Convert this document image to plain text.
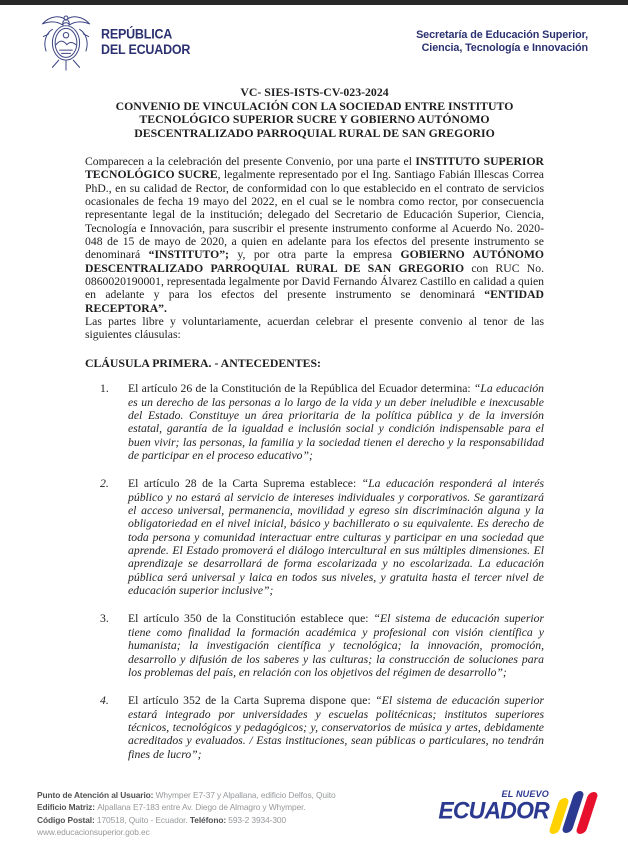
REPÚBLICA
DEL ECUADOR
Secretaría de Educación Superior,
Ciencia, Tecnología e Innovación
VC- SIES-ISTS-CV-023-2024
CONVENIO DE VINCULACIÓN CON LA SOCIEDAD ENTRE INSTITUTO TECNOLÓGICO SUPERIOR SUCRE Y GOBIERNO AUTÓNOMO DESCENTRALIZADO PARROQUIAL RURAL DE SAN GREGORIO

Comparecen a la celebración del presente Convenio, por una parte el INSTITUTO SUPERIOR TECNOLÓGICO SUCRE, legalmente representado por el Ing. Santiago Fabián Illescas Correa PhD., en su calidad de Rector, de conformidad con lo que establecido en el contrato de servicios ocasionales de fecha 19 mayo del 2022, en el cual se le nombra como rector, por consecuencia representante legal de la institución; delegado del Secretario de Educación Superior, Ciencia, Tecnología e Innovación, para suscribir el presente instrumento conforme al Acuerdo No. 2020-048 de 15 de mayo de 2020, a quien en adelante para los efectos del presente instrumento se denominará “INSTITUTO”; y, por otra parte la empresa GOBIERNO AUTÓNOMO DESCENTRALIZADO PARROQUIAL RURAL DE SAN GREGORIO con RUC No. 0860020190001, representada legalmente por David Fernando Álvarez Castillo en calidad a quien en adelante y para los efectos del presente instrumento se denominará “ENTIDAD RECEPTORA”.

Las partes libre y voluntariamente, acuerdan celebrar el presente convenio al tenor de las siguientes cláusulas:

CLÁUSULA PRIMERA. - ANTECEDENTES:
1. El artículo 26 de la Constitución de la República del Ecuador determina: “La educación es un derecho de las personas a lo largo de la vida y un deber ineludible e inexcusable del Estado. Constituye un área prioritaria de la política pública y de la inversión estatal, garantía de la igualdad e inclusión social y condición indispensable para el buen vivir; las personas, la familia y la sociedad tienen el derecho y la responsabilidad de participar en el proceso educativo”;
2. El artículo 28 de la Carta Suprema establece: “La educación responderá al interés público y no estará al servicio de intereses individuales y corporativos. Se garantizará el acceso universal, permanencia, movilidad y egreso sin discriminación alguna y la obligatoriedad en el nivel inicial, básico y bachillerato o su equivalente. Es derecho de toda persona y comunidad interactuar entre culturas y participar en una sociedad que aprende. El Estado promoverá el diálogo intercultural en sus múltiples dimensiones. El aprendizaje se desarrollará de forma escolarizada y no escolarizada. La educación pública será universal y laica en todos sus niveles, y gratuita hasta el tercer nivel de educación superior inclusive”;
3. El artículo 350 de la Constitución establece que: “El sistema de educación superior tiene como finalidad la formación académica y profesional con visión científica y humanista; la investigación científica y tecnológica; la innovación, promoción, desarrollo y difusión de los saberes y las culturas; la construcción de soluciones para los problemas del país, en relación con los objetivos del régimen de desarrollo”;
4. El artículo 352 de la Carta Suprema dispone que: “El sistema de educación superior estará integrado por universidades y escuelas politécnicas; institutos superiores técnicos, tecnológicos y pedagógicos; y, conservatorios de música y artes, debidamente acreditados y evaluados. / Estas instituciones, sean públicas o particulares, no tendrán fines de lucro”;
Punto de Atención al Usuario: Whymper E7-37 y Alpallana, edificio Delfos, Quito
Edificio Matriz: Alpallana E7-183 entre Av. Diego de Almagro y Whymper.
Código Postal: 170518, Quito - Ecuador. Teléfono: 593-2 3934-300
www.educacionsuperior.gob.ec
EL NUEVO
ECUADOR
